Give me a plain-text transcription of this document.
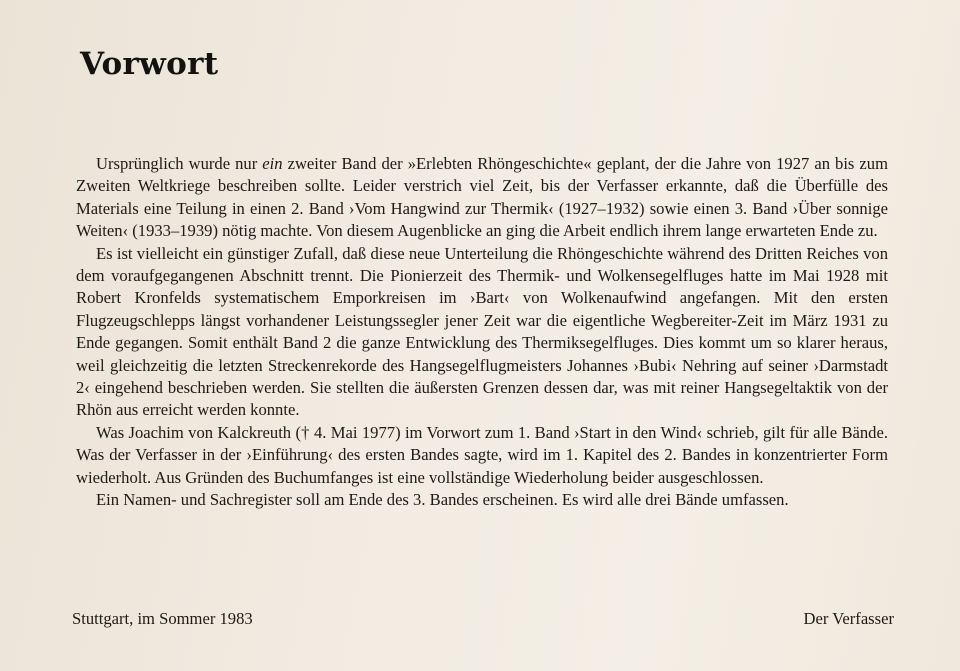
Vorwort

Ursprünglich wurde nur ein zweiter Band der »Erlebten Rhöngeschichte« geplant, der die Jahre von 1927 an bis zum Zweiten Weltkriege beschreiben sollte. Leider verstrich viel Zeit, bis der Verfasser erkannte, daß die Überfülle des Materials eine Teilung in einen 2. Band ›Vom Hangwind zur Thermik‹ (1927–1932) sowie einen 3. Band ›Über sonnige Weiten‹ (1933–1939) nötig machte. Von diesem Augenblicke an ging die Arbeit endlich ihrem lange erwarteten Ende zu.

Es ist vielleicht ein günstiger Zufall, daß diese neue Unterteilung die Rhöngeschichte während des Dritten Reiches von dem voraufgegangenen Abschnitt trennt. Die Pionierzeit des Thermik- und Wolkensegelfluges hatte im Mai 1928 mit Robert Kronfelds systematischem Emporkreisen im ›Bart‹ von Wolkenaufwind angefangen. Mit den ersten Flugzeugschlepps längst vorhandener Leistungssegler jener Zeit war die eigentliche Wegbereiter-Zeit im März 1931 zu Ende gegangen. Somit enthält Band 2 die ganze Entwicklung des Thermiksegelfluges. Dies kommt um so klarer heraus, weil gleichzeitig die letzten Streckenrekorde des Hangsegelflugmeisters Johannes ›Bubi‹ Nehring auf seiner ›Darmstadt 2‹ eingehend beschrieben werden. Sie stellten die äußersten Grenzen dessen dar, was mit reiner Hangsegeltaktik von der Rhön aus erreicht werden konnte.

Was Joachim von Kalckreuth († 4. Mai 1977) im Vorwort zum 1. Band ›Start in den Wind‹ schrieb, gilt für alle Bände. Was der Verfasser in der ›Einführung‹ des ersten Bandes sagte, wird im 1. Kapitel des 2. Bandes in konzentrierter Form wiederholt. Aus Gründen des Buchumfanges ist eine vollständige Wiederholung beider ausgeschlossen.

Ein Namen- und Sachregister soll am Ende des 3. Bandes erscheinen. Es wird alle drei Bände umfassen.

Stuttgart, im Sommer 1983	Der Verfasser
